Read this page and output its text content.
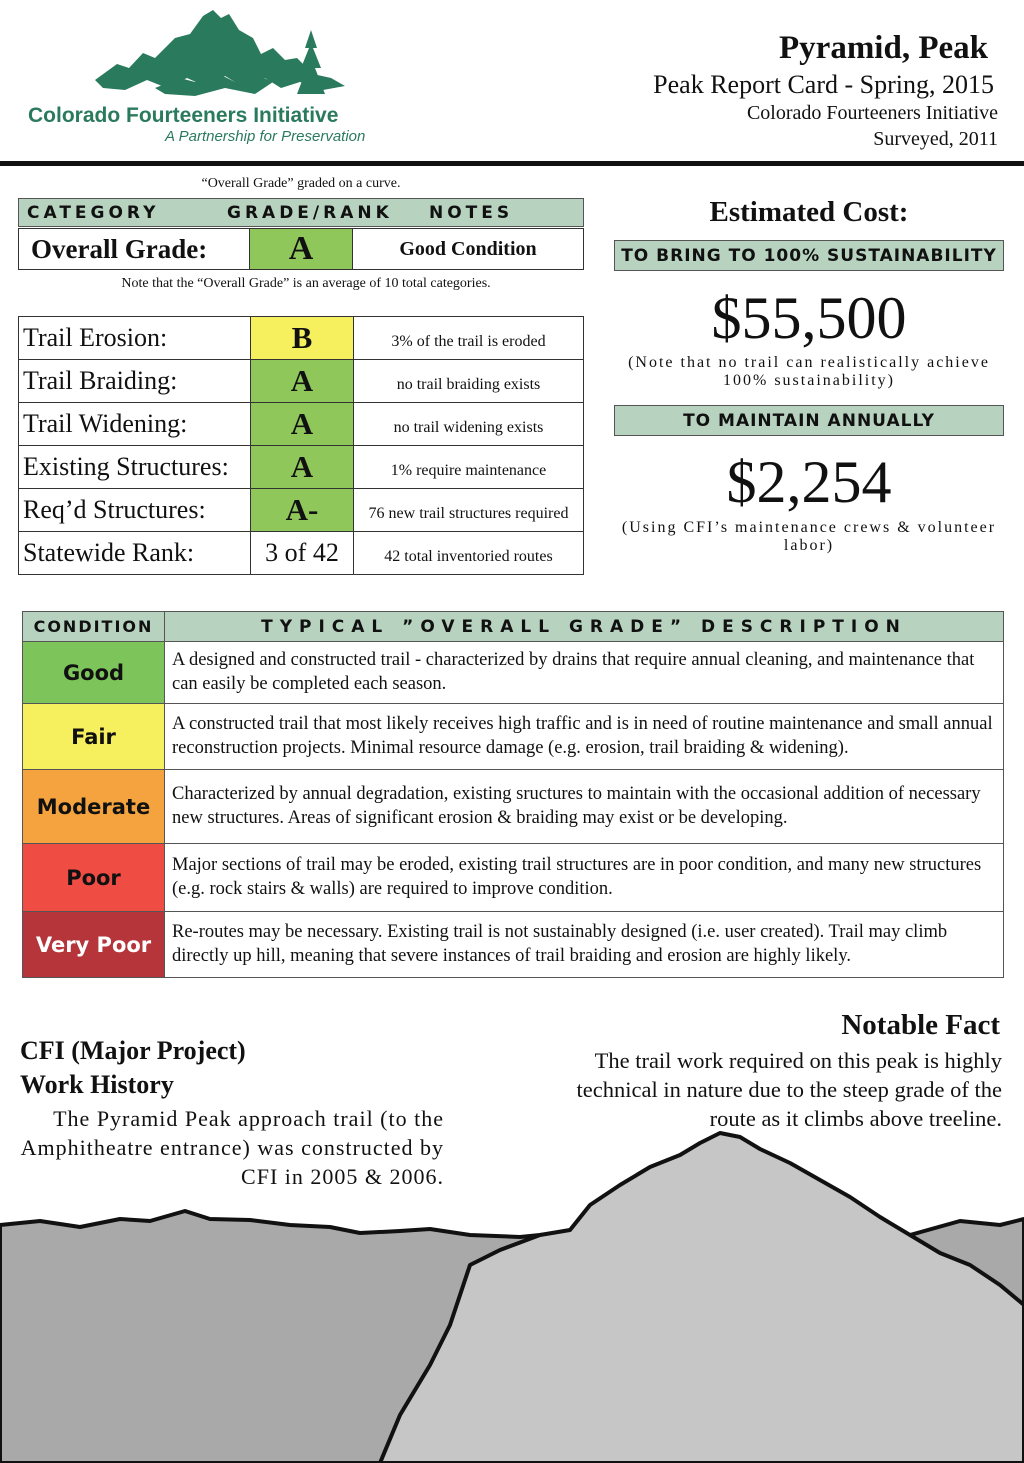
Colorado Fourteeners Initiative
A Partnership for Preservation
Pyramid, Peak
Peak Report Card - Spring, 2015
Colorado Fourteeners Initiative
Surveyed, 2011
“Overall Grade” graded on a curve.
CATEGORY	GRADE/RANK NOTES
Overall Grade:	A	Good Condition
Note that the “Overall Grade” is an average of 10 total categories.
Trail Erosion:	B	3% of the trail is eroded
Trail Braiding:	A	no trail braiding exists
Trail Widening:	A	no trail widening exists
Existing Structures:	A	1% require maintenance
Req’d Structures:	A-	76 new trail structures required
Statewide Rank:	3 of 42	42 total inventoried routes
Estimated Cost:
TO BRING TO 100% SUSTAINABILITY
$55,500
(Note that no trail can realistically achieve 100% sustainability)
TO MAINTAIN ANNUALLY
$2,254
(Using CFI’s maintenance crews & volunteer labor)
CONDITION	TYPICAL ”OVERALL GRADE” DESCRIPTION
Good	A designed and constructed trail - characterized by drains that require annual cleaning, and maintenance that can easily be completed each season.
Fair	A constructed trail that most likely receives high traffic and is in need of routine maintenance and small annual reconstruction projects. Minimal resource damage (e.g. erosion, trail braiding & widening).
Moderate	Characterized by annual degradation, existing sructures to maintain with the occasional addition of necessary new structures. Areas of significant erosion & braiding may exist or be developing.
Poor	Major sections of trail may be eroded, existing trail structures are in poor condition, and many new structures (e.g. rock stairs & walls) are required to improve condition.
Very Poor	Re-routes may be necessary. Existing trail is not sustainably designed (i.e. user created). Trail may climb directly up hill, meaning that severe instances of trail braiding and erosion are highly likely.
CFI (Major Project)
Work History
The Pyramid Peak approach trail (to the Amphitheatre entrance) was constructed by CFI in 2005 & 2006.
Notable Fact
The trail work required on this peak is highly technical in nature due to the steep grade of the route as it climbs above treeline.
